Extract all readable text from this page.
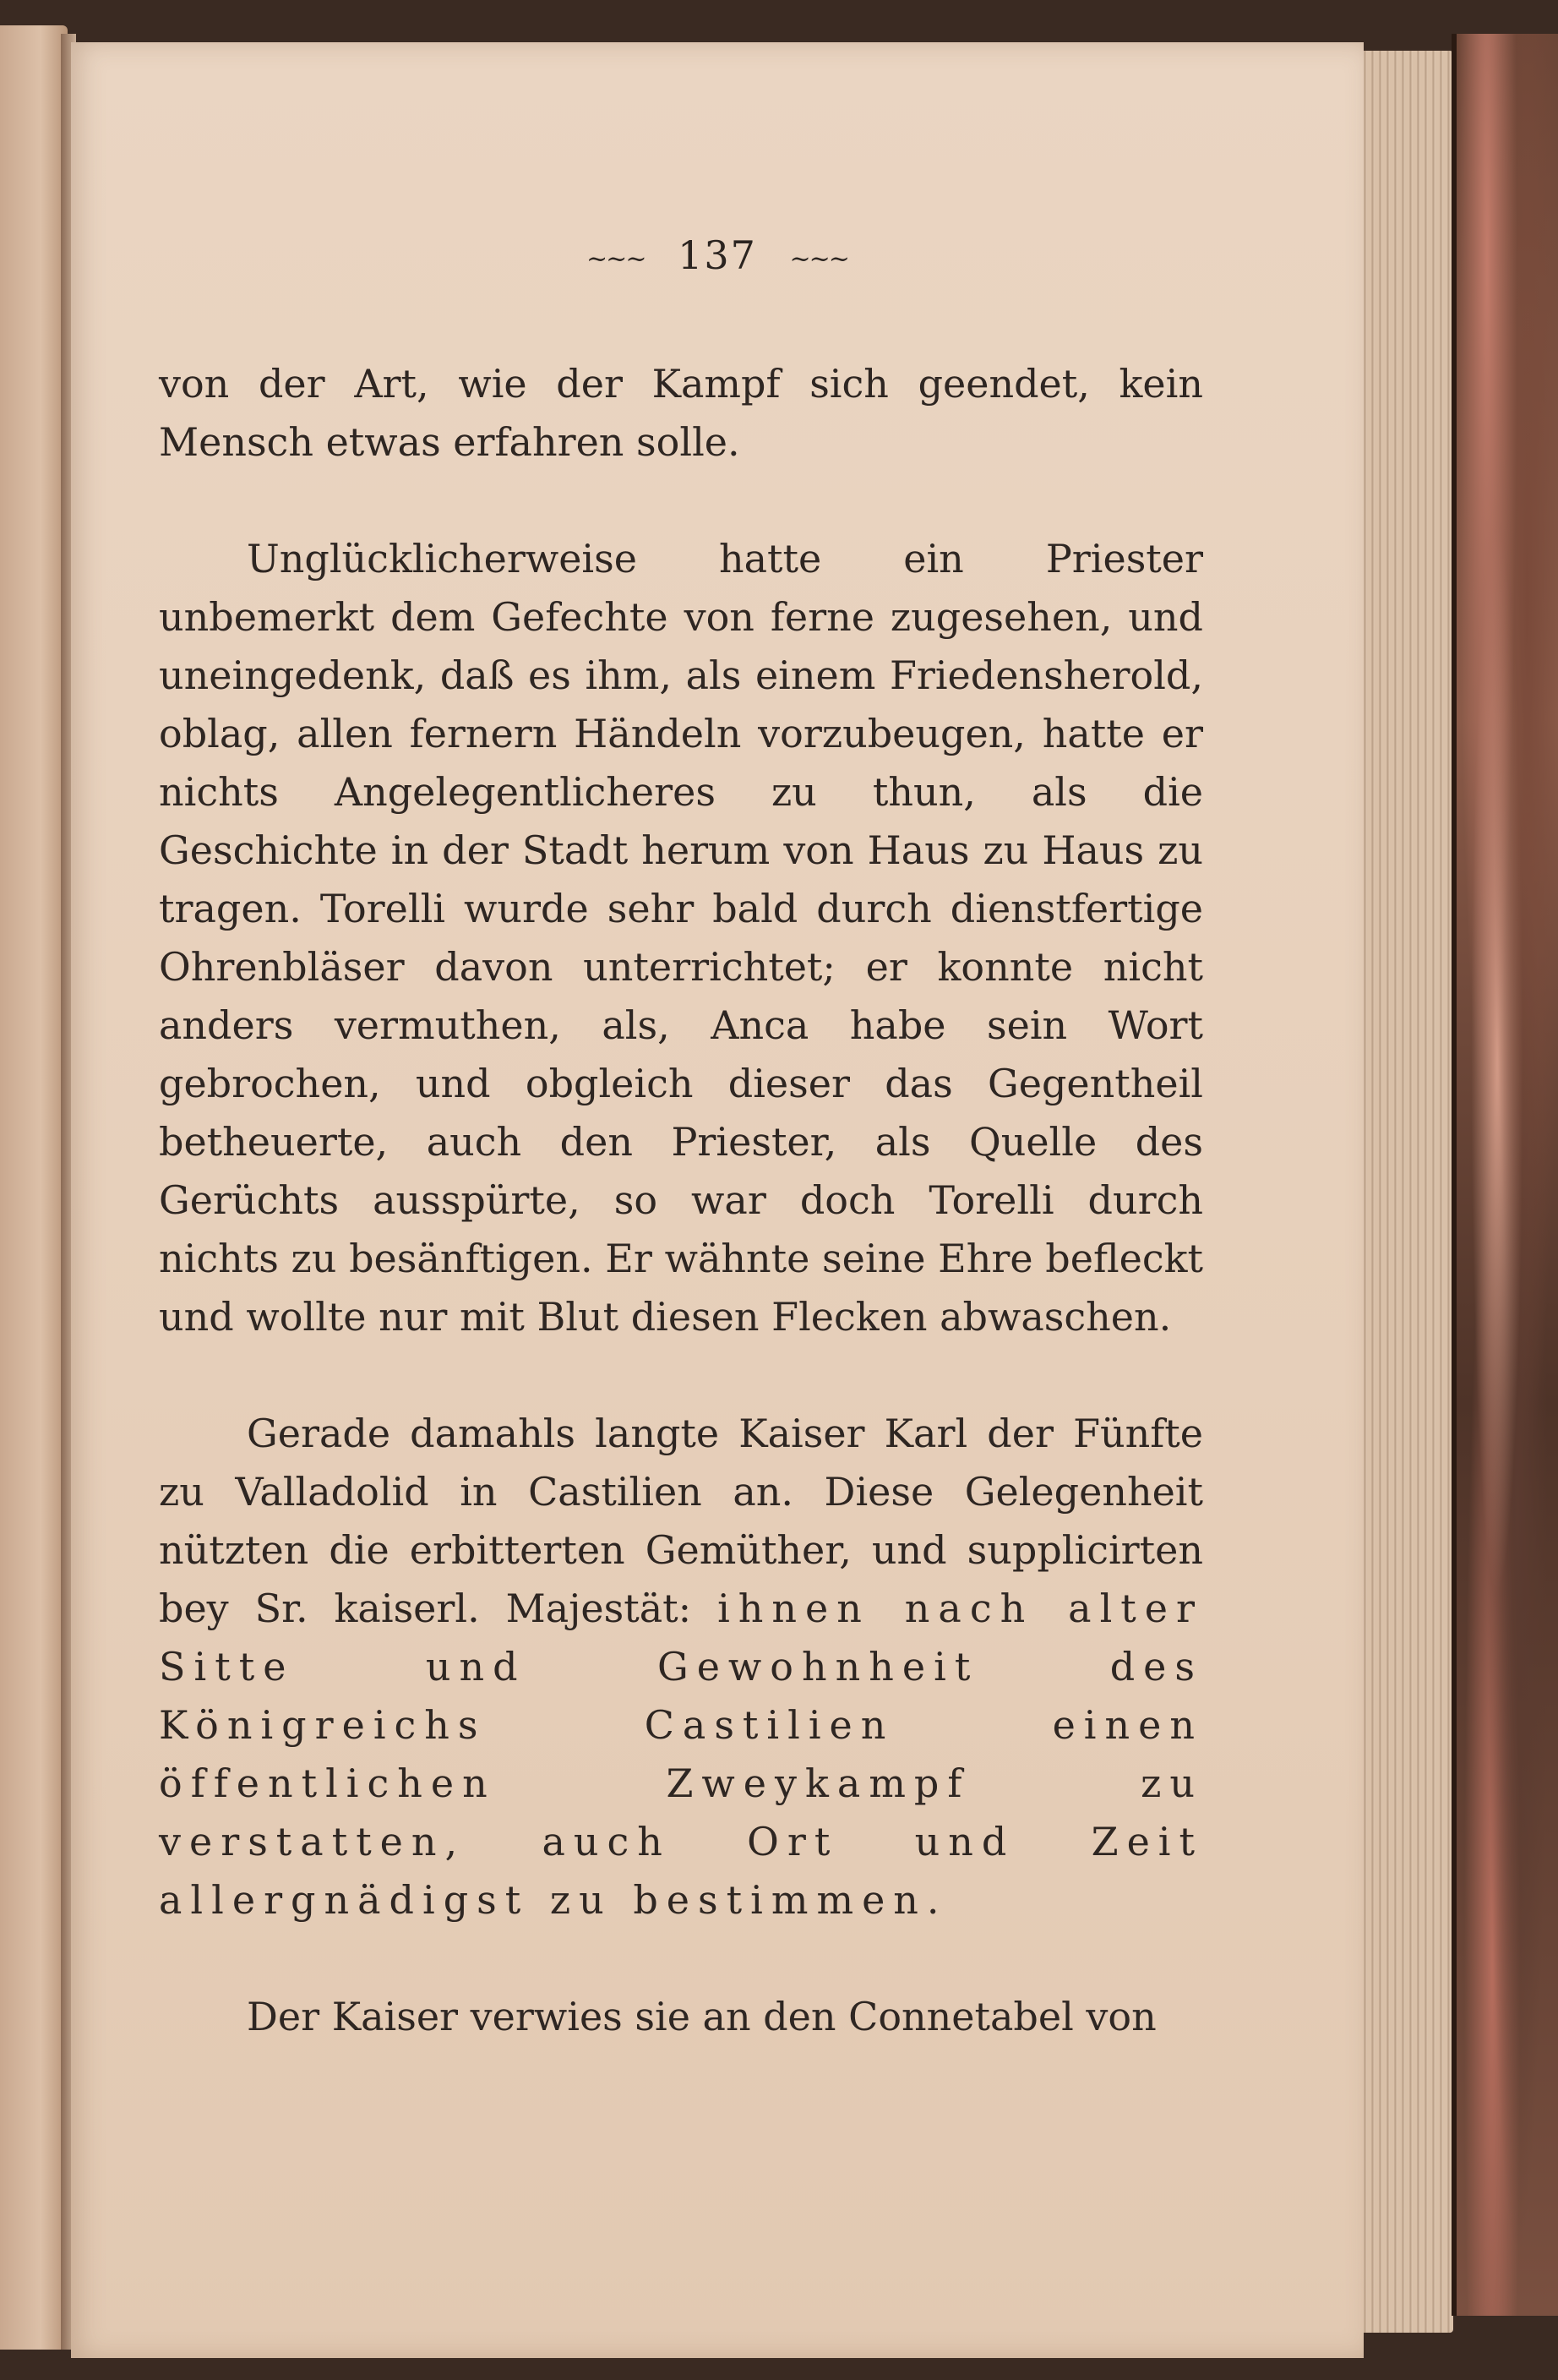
~~~ 137 ~~~

von der Art, wie der Kampf sich geendet, kein Mensch etwas erfahren solle.

Unglücklicherweise hatte ein Priester unbemerkt dem Gefechte von ferne zugesehen, und uneingedenk, daß es ihm, als einem Friedensherold, oblag, allen fernern Händeln vorzubeugen, hatte er nichts Angelegentlicheres zu thun, als die Geschichte in der Stadt herum von Haus zu Haus zu tragen. Torelli wurde sehr bald durch dienstfertige Ohrenbläser davon unterrichtet; er konnte nicht anders vermuthen, als, Anca habe sein Wort gebrochen, und obgleich dieser das Gegentheil betheuerte, auch den Priester, als Quelle des Gerüchts ausspürte, so war doch Torelli durch nichts zu besänftigen. Er wähnte seine Ehre befleckt und wollte nur mit Blut diesen Flecken abwaschen.

Gerade damahls langte Kaiser Karl der Fünfte zu Valladolid in Castilien an. Diese Gelegenheit nützten die erbitterten Gemüther, und supplicirten bey Sr. kaiserl. Majestät: ihnen nach alter Sitte und Gewohnheit des Königreichs Castilien einen öffentlichen Zweykampf zu verstatten, auch Ort und Zeit allergnädigst zu bestimmen.

Der Kaiser verwies sie an den Connetabel von
